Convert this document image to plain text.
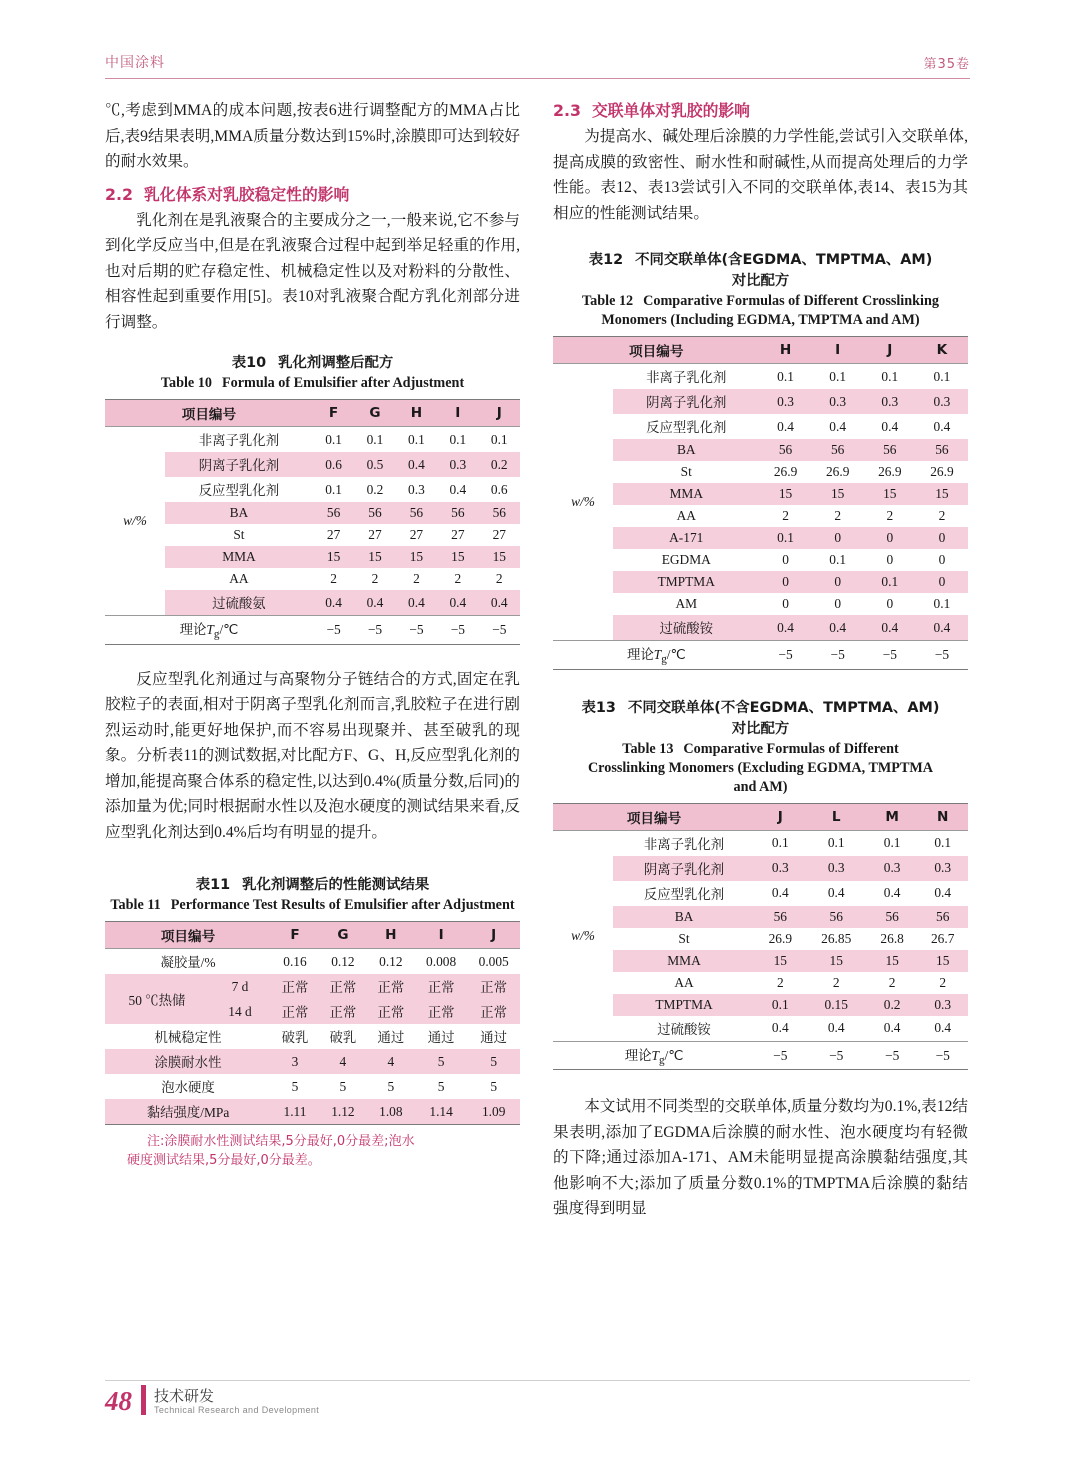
中国涂料	第35卷

℃,考虑到MMA的成本问题,按表6进行调整配方的MMA占比后,表9结果表明,MMA质量分数达到15%时,涂膜即可达到较好的耐水效果。

2.2 乳化体系对乳胶稳定性的影响

乳化剂在是乳液聚合的主要成分之一,一般来说,它不参与到化学反应当中,但是在乳液聚合过程中起到举足轻重的作用,也对后期的贮存稳定性、机械稳定性以及对粉料的分散性、相容性起到重要作用[5]。表10对乳液聚合配方乳化剂部分进行调整。

表10 乳化剂调整后配方
Table 10 Formula of Emulsifier after Adjustment
项目编号		F	G	H	I	J
w/%	非离子乳化剂	0.1	0.1	0.1	0.1	0.1
	阴离子乳化剂	0.6	0.5	0.4	0.3	0.2
	反应型乳化剂	0.1	0.2	0.3	0.4	0.6
	BA	56	56	56	56	56
	St	27	27	27	27	27
	MMA	15	15	15	15	15
	AA	2	2	2	2	2
	过硫酸氨	0.4	0.4	0.4	0.4	0.4
理论$T_g/℃$		−5	−5	−5	−5	−5

反应型乳化剂通过与高聚物分子链结合的方式,固定在乳胶粒子的表面,相对于阴离子型乳化剂而言,乳胶粒子在进行剧烈运动时,能更好地保护,而不容易出现聚并、甚至破乳的现象。分析表11的测试数据,对比配方F、G、H,反应型乳化剂的增加,能提高聚合体系的稳定性,以达到0.4%(质量分数,后同)的添加量为优;同时根据耐水性以及泡水硬度的测试结果来看,反应型乳化剂达到0.4%后均有明显的提升。

表11 乳化剂调整后的性能测试结果
Table 11 Performance Test Results of Emulsifier after Adjustment
项目编号		F	G	H	I	J
凝胶量/%		0.16	0.12	0.12	0.008	0.005
50 ℃热储	7 d	正常	正常	正常	正常	正常
	14 d	正常	正常	正常	正常	正常
机械稳定性		破乳	破乳	通过	通过	通过
涂膜耐水性		3	4	4	5	5
泡水硬度		5	5	5	5	5
黏结强度/MPa		1.11	1.12	1.08	1.14	1.09
注:涂膜耐水性测试结果,5分最好,0分最差;泡水
硬度测试结果,5分最好,0分最差。
2.3 交联单体对乳胶的影响

为提高水、碱处理后涂膜的力学性能,尝试引入交联单体,提高成膜的致密性、耐水性和耐碱性,从而提高处理后的力学性能。表12、表13尝试引入不同的交联单体,表14、表15为其相应的性能测试结果。

表12 不同交联单体(含EGDMA、TMPTMA、AM)
对比配方
Table 12 Comparative Formulas of Different Crosslinking
Monomers (Including EGDMA, TMPTMA and AM)
项目编号		H	I	J	K
w/%	非离子乳化剂	0.1	0.1	0.1	0.1
	阴离子乳化剂	0.3	0.3	0.3	0.3
	反应型乳化剂	0.4	0.4	0.4	0.4
	BA	56	56	56	56
	St	26.9	26.9	26.9	26.9
	MMA	15	15	15	15
	AA	2	2	2	2
	A-171	0.1	0	0	0
	EGDMA	0	0.1	0	0
	TMPTMA	0	0	0.1	0
	AM	0	0	0	0.1
	过硫酸铵	0.4	0.4	0.4	0.4
理论$T_g/℃$		−5	−5	−5	−5
表13 不同交联单体(不含EGDMA、TMPTMA、AM)
对比配方
Table 13 Comparative Formulas of Different
Crosslinking Monomers (Excluding EGDMA, TMPTMA
and AM)
项目编号		J	L	M	N
w/%	非离子乳化剂	0.1	0.1	0.1	0.1
	阴离子乳化剂	0.3	0.3	0.3	0.3
	反应型乳化剂	0.4	0.4	0.4	0.4
	BA	56	56	56	56
	St	26.9	26.85	26.8	26.7
	MMA	15	15	15	15
	AA	2	2	2	2
	TMPTMA	0.1	0.15	0.2	0.3
	过硫酸铵	0.4	0.4	0.4	0.4
理论$T_g/℃$		−5	−5	−5	−5

本文试用不同类型的交联单体,质量分数均为0.1%,表12结果表明,添加了EGDMA后涂膜的耐水性、泡水硬度均有轻微的下降;通过添加A-171、AM未能明显提高涂膜黏结强度,其他影响不大;添加了质量分数0.1%的TMPTMA后涂膜的黏结强度得到明显

48 技术研发
Technical Research and Development
